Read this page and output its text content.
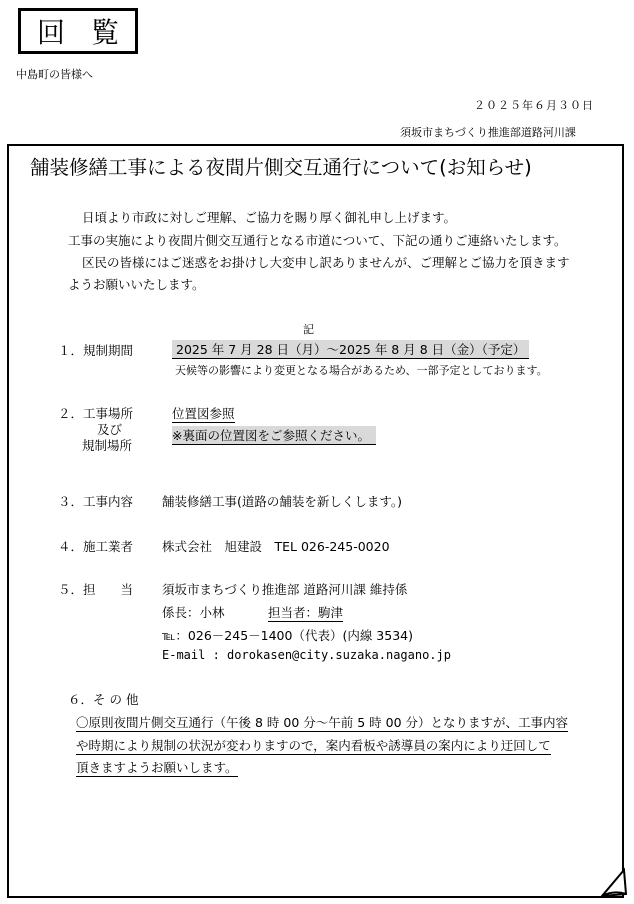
回覧
中島町の皆様へ
２０２５年６月３０日
須坂市まちづくり推進部道路河川課
舗装修繕工事による夜間片側交互通行について(お知らせ)
日頃より市政に対しご理解、ご協力を賜り厚く御礼申し上げます。
工事の実施により夜間片側交互通行となる市道について、下記の通りご連絡いたします。
区民の皆様にはご迷惑をお掛けし大変申し訳ありませんが、ご理解とご協力を頂きます
ようお願いいたします。
記
１．規制期間	2025 年 7 月 28 日（月）～2025 年 8 月 8 日（金）（予定）
天候等の影響により変更となる場合があるため、一部予定としております。
２．工事場所
及び
規制場所
位置図参照
※裏面の位置図をご参照ください。
３．工事内容 舗装修繕工事(道路の舗装を新しくします。)
４．施工業者 株式会社　旭建設　TEL 026-245-0020
５．担　　当 須坂市まちづくり推進部 道路河川課 維持係
係長：小林	担当者：駒津
℡：026－245－1400（代表）(内線 3534)
E-mail : dorokasen@city.suzaka.nagano.jp
６．そ の 他
〇原則夜間片側交互通行（午後 8 時 00 分～午前 5 時 00 分）となりますが、工事内容
や時期により規制の状況が変わりますので，案内看板や誘導員の案内により迂回して
頂きますようお願いします。
